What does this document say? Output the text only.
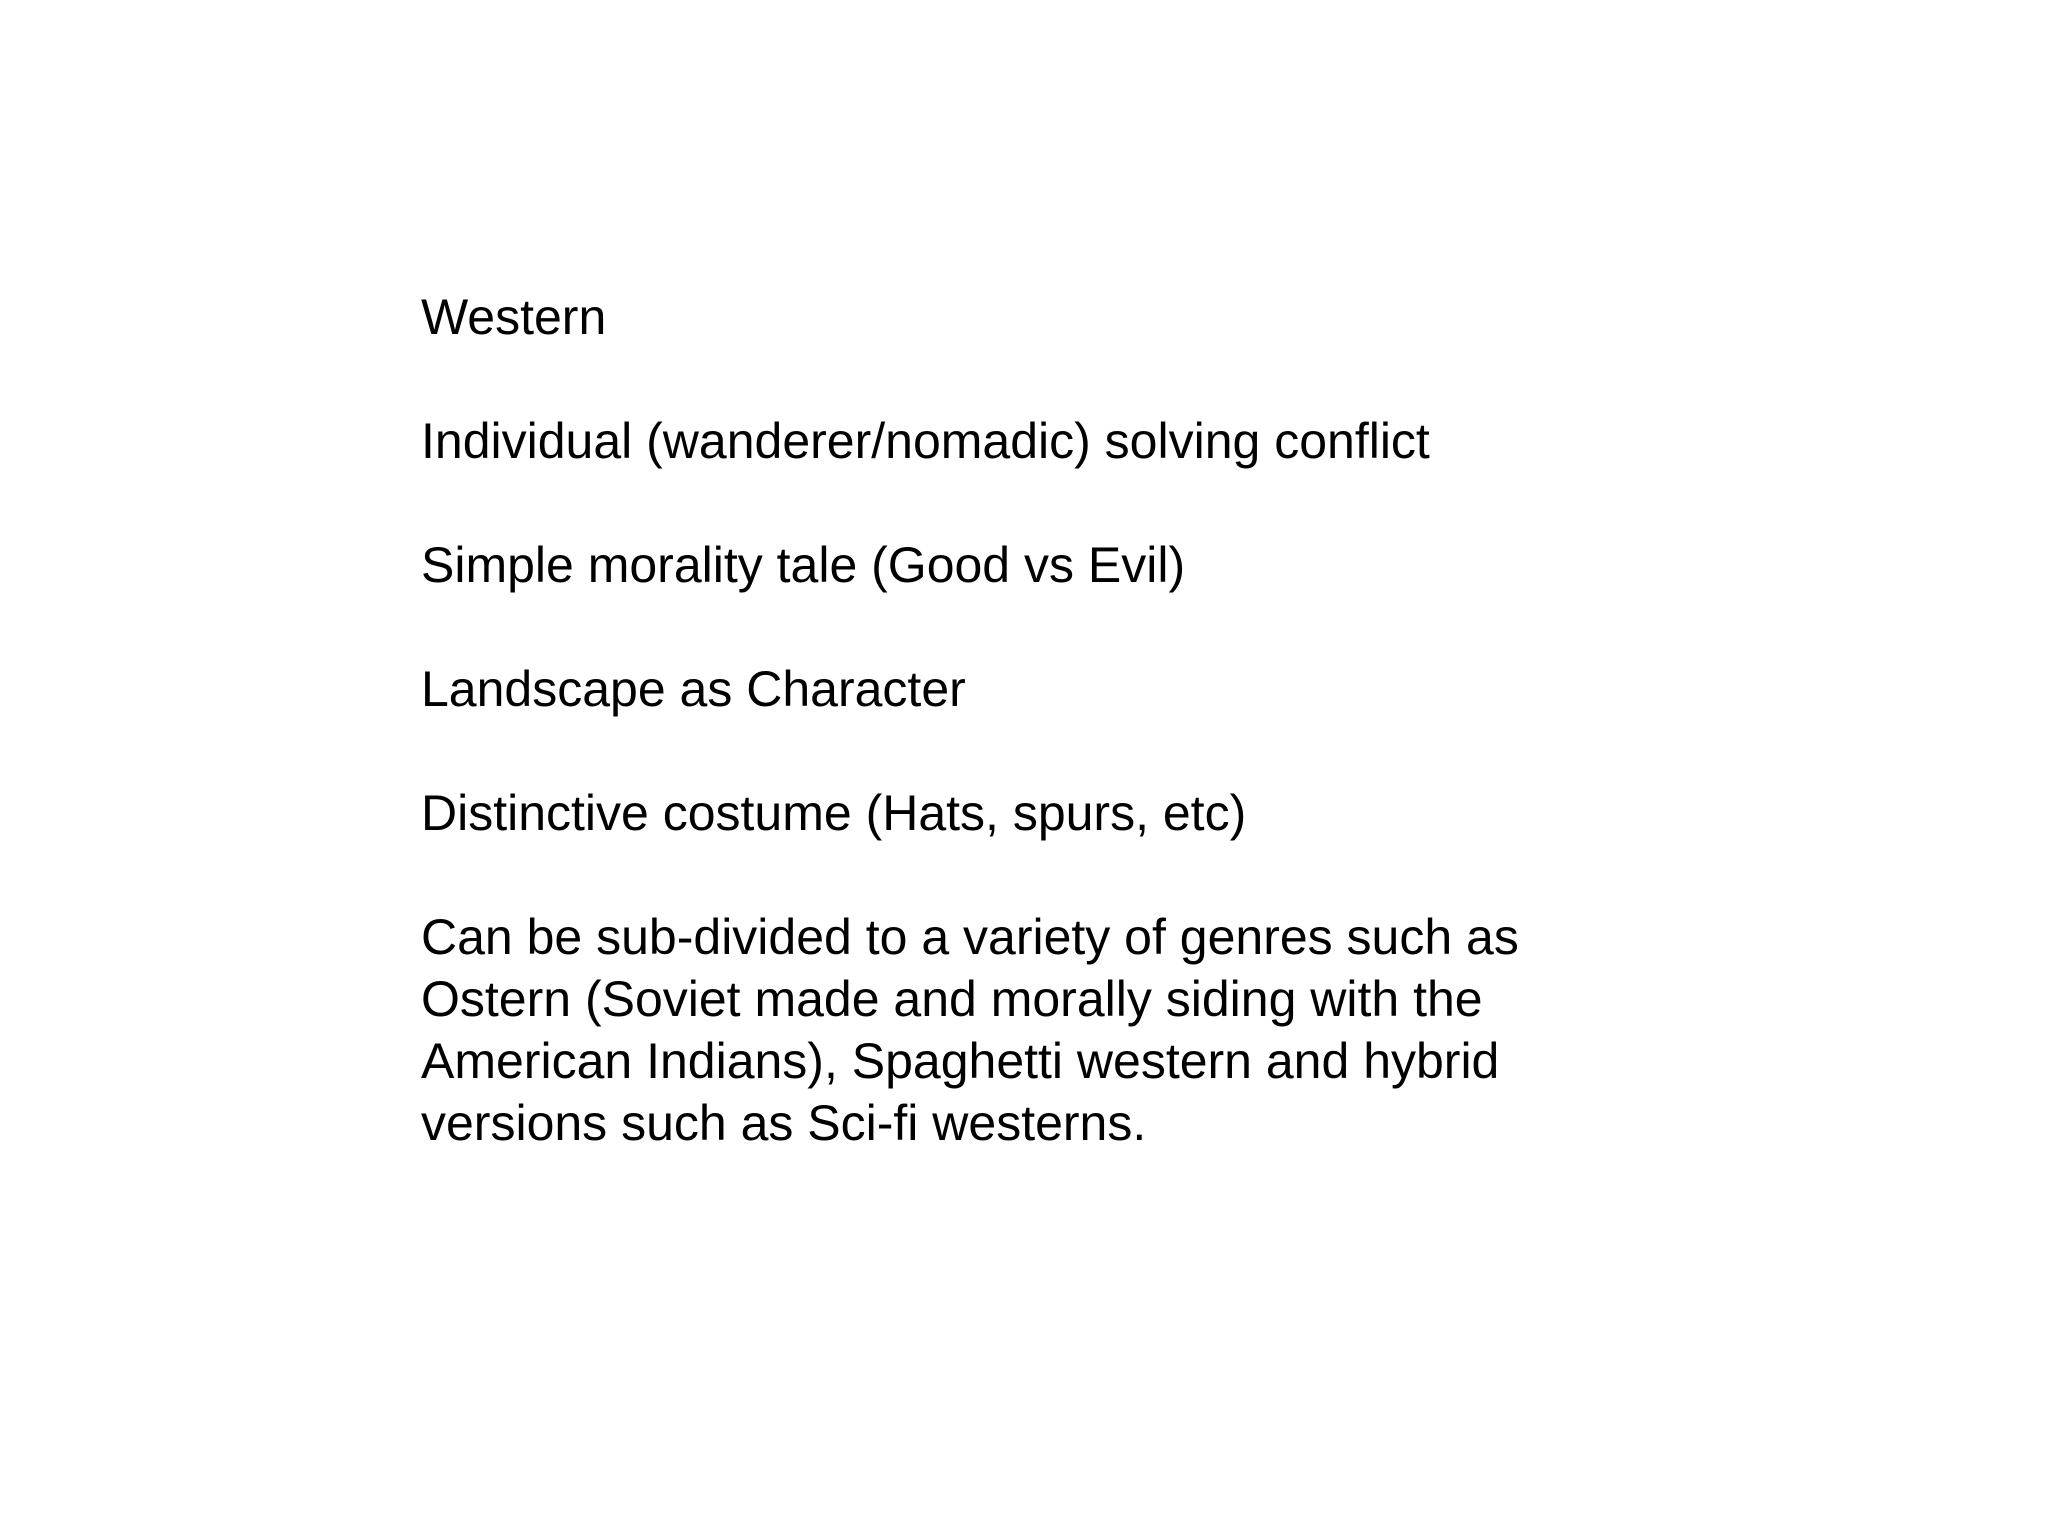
Western
Individual (wanderer/nomadic) solving conflict
Simple morality tale (Good vs Evil)
Landscape as Character
Distinctive costume (Hats, spurs, etc)
Can be sub-divided to a variety of genres such as
Ostern (Soviet made and morally siding with the
American Indians), Spaghetti western and hybrid
versions such as Sci-fi westerns.
